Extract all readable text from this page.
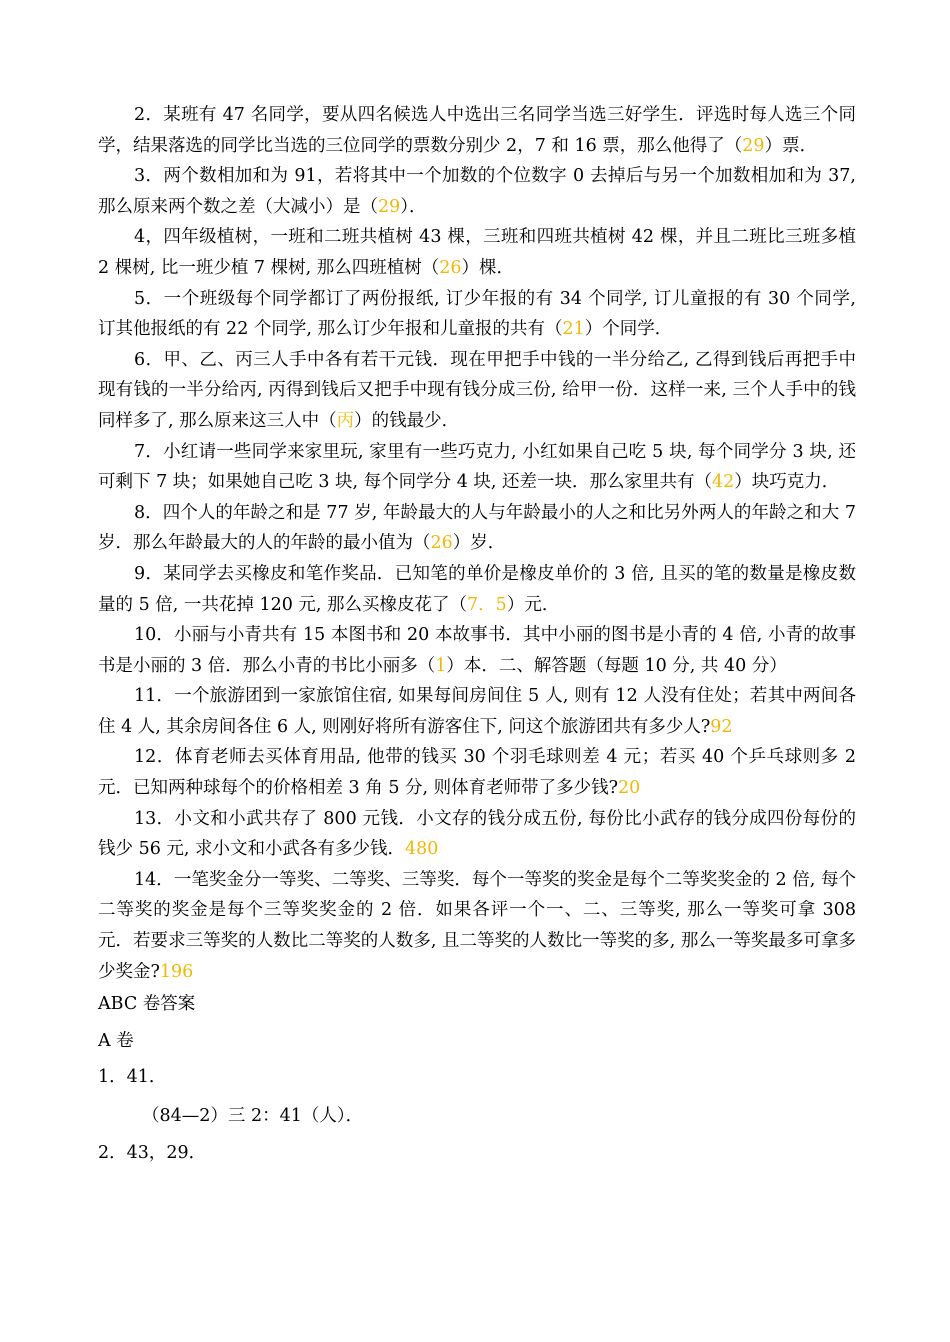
2．某班有 47 名同学，要从四名候选人中选出三名同学当选三好学生．评选时每人选三个同学，结果落选的同学比当选的三位同学的票数分别少 2，7 和 16 票，那么他得了（29）票．

3．两个数相加和为 91，若将其中一个加数的个位数字 0 去掉后与另一个加数相加和为 37, 那么原来两个数之差（大减小）是（29）．

4，四年级植树，一班和二班共植树 43 棵，三班和四班共植树 42 棵，并且二班比三班多植 2 棵树, 比一班少植 7 棵树, 那么四班植树（26）棵．

5．一个班级每个同学都订了两份报纸, 订少年报的有 34 个同学, 订儿童报的有 30 个同学, 订其他报纸的有 22 个同学, 那么订少年报和儿童报的共有（21）个同学．

6．甲、乙、丙三人手中各有若干元钱．现在甲把手中钱的一半分给乙, 乙得到钱后再把手中现有钱的一半分给丙, 丙得到钱后又把手中现有钱分成三份, 给甲一份．这样一来, 三个人手中的钱同样多了, 那么原来这三人中（丙）的钱最少．

7．小红请一些同学来家里玩, 家里有一些巧克力, 小红如果自己吃 5 块, 每个同学分 3 块, 还可剩下 7 块；如果她自己吃 3 块, 每个同学分 4 块, 还差一块．那么家里共有（42）块巧克力．

8．四个人的年龄之和是 77 岁, 年龄最大的人与年龄最小的人之和比另外两人的年龄之和大 7 岁．那么年龄最大的人的年龄的最小值为（26）岁．

9．某同学去买橡皮和笔作奖品．已知笔的单价是橡皮单价的 3 倍, 且买的笔的数量是橡皮数量的 5 倍, 一共花掉 120 元, 那么买橡皮花了（7．5）元．

10．小丽与小青共有 15 本图书和 20 本故事书．其中小丽的图书是小青的 4 倍, 小青的故事书是小丽的 3 倍．那么小青的书比小丽多（1）本．二、解答题（每题 10 分, 共 40 分）

11．一个旅游团到一家旅馆住宿, 如果每间房间住 5 人, 则有 12 人没有住处；若其中两间各住 4 人, 其余房间各住 6 人, 则刚好将所有游客住下, 问这个旅游团共有多少人?92

12．体育老师去买体育用品, 他带的钱买 30 个羽毛球则差 4 元；若买 40 个乒乓球则多 2 元．已知两种球每个的价格相差 3 角 5 分, 则体育老师带了多少钱?20

13．小文和小武共存了 800 元钱．小文存的钱分成五份, 每份比小武存的钱分成四份每份的钱少 56 元, 求小文和小武各有多少钱．480

14．一笔奖金分一等奖、二等奖、三等奖．每个一等奖的奖金是每个二等奖奖金的 2 倍, 每个二等奖的奖金是每个三等奖奖金的 2 倍．如果各评一个一、二、三等奖, 那么一等奖可拿 308 元．若要求三等奖的人数比二等奖的人数多, 且二等奖的人数比一等奖的多, 那么一等奖最多可拿多少奖金?196

ABC 卷答案

A 卷

1．41．

（84—2）三 2：41（人）．

2．43，29．
